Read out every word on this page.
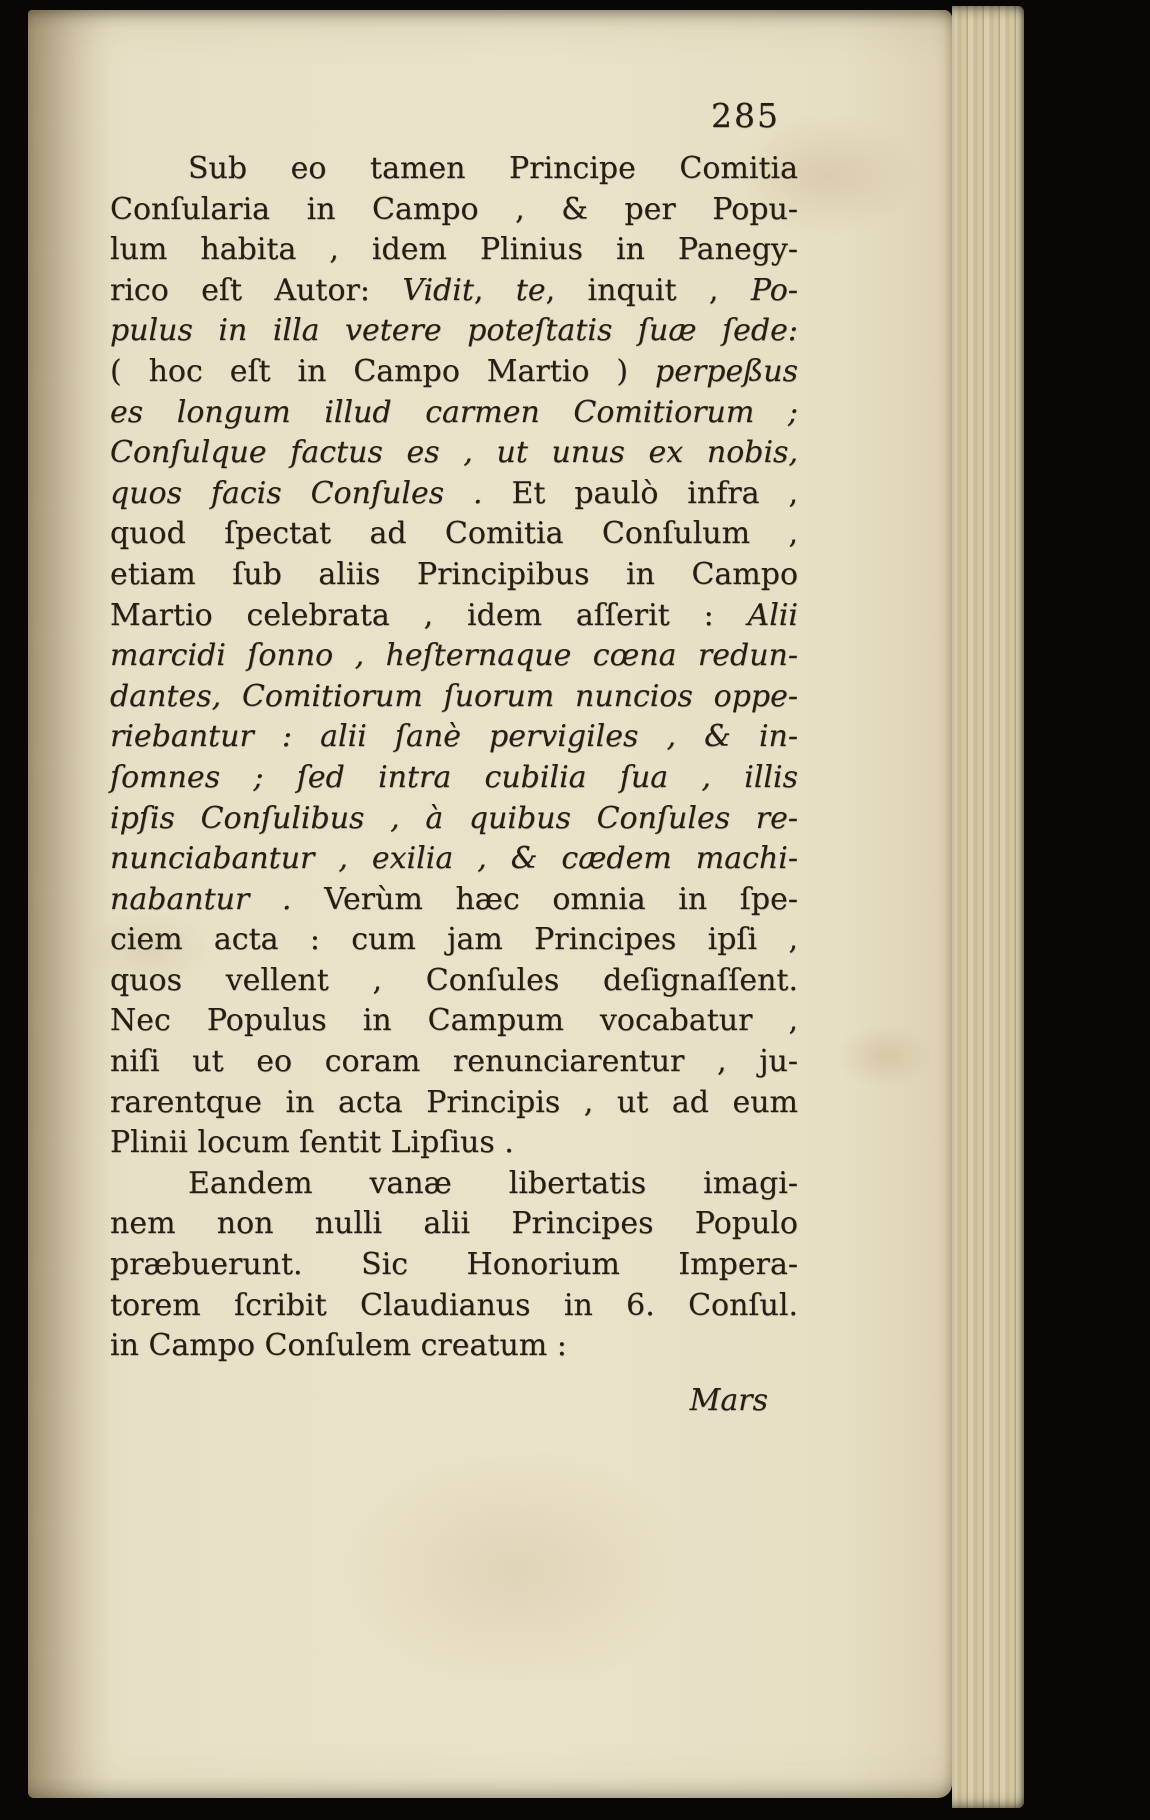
285
Sub eo tamen Principe Comitia
Conſularia in Campo , & per Popu-
lum habita , idem Plinius in Panegy-
rico eſt Autor: Vidit, te, inquit , Po-
pulus in illa vetere poteſtatis ſuæ ſede:
( hoc eſt in Campo Martio ) perpeßus
es longum illud carmen Comitiorum ;
Conſulque factus es , ut unus ex nobis,
quos facis Conſules . Et paulò infra ,
quod ſpectat ad Comitia Conſulum ,
etiam ſub aliis Principibus in Campo
Martio celebrata , idem aſſerit : Alii
marcidi ſonno , heſternaque cœna redun-
dantes, Comitiorum ſuorum nuncios oppe-
riebantur : alii ſanè pervigiles , & in-
ſomnes ; ſed intra cubilia ſua , illis
ipſis Conſulibus , à quibus Conſules re-
nunciabantur , exilia , & cædem machi-
nabantur . Verùm hæc omnia in ſpe-
ciem acta : cum jam Principes ipſi ,
quos vellent , Conſules deſignaſſent.
Nec Populus in Campum vocabatur ,
niſi ut eo coram renunciarentur , ju-
rarentque in acta Principis , ut ad eum
Plinii locum ſentit Lipſius .
Eandem vanæ libertatis imagi-
nem non nulli alii Principes Populo
præbuerunt. Sic Honorium Impera-
torem ſcribit Claudianus in 6. Conſul.
in Campo Conſulem creatum :
Mars
